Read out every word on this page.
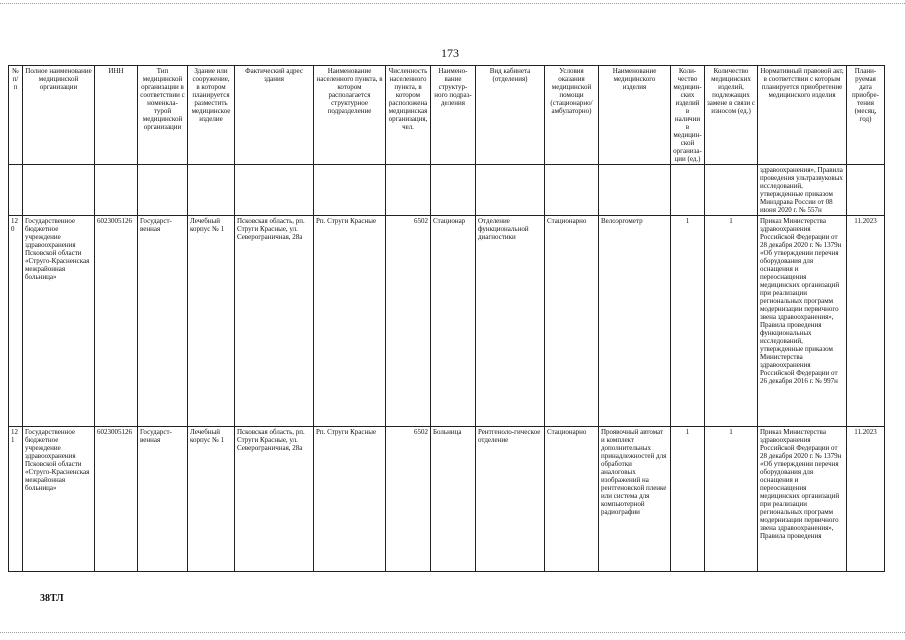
173
№ п/п	Полное наименование медицинской организации	ИНН	Тип медицинской организации в соответствии с номенкла-турой медицинской организации	Здание или сооружение, в котором планируется разместить медицинское изделие	Фактический адрес здания	Наименование населенного пункта, в котором располагается структурное подразделение	Численность населенного пункта, в котором расположена медицинская организация, чел.	Наимено-вание структур-ного подраз-деления	Вид кабинета (отделения)	Условия оказания медицинской помощи (стационарно/ амбулаторно)	Наименование медицинского изделия	Коли-чество медицин-ских изделий в наличии в медицин-ской организа-ции (ед.)	Количество медицинских изделий, подлежащих замене в связи с износом (ед.)	Нормативный правовой акт, в соответствии с которым планируется приобретение медицинского изделия	Плани-руемая дата приобре-тения (месяц, год)
														здравоохранения», Правила проведения ультразвуковых исследований, утвержденные приказом Минздрава России от 08 июня 2020 г. № 557н	
120	Государственное бюджетное учреждение здравоохранения Псковской области «Струго-Красненская межрайонная больница»	6023005126	Государст-венная	Лечебный корпус № 1	Псковская область, рп. Струги Красные, ул. Северограничная, 28а	Рп. Струги Красные	6502	Стационар	Отделение функциональной диагностики	Стационарно	Велоэргометр	1	1	Приказ Министерства здравоохранения Российской Федерации от 28 декабря 2020 г. № 1379н «Об утверждении перечня оборудования для оснащения и переоснащения медицинских организаций при реализации региональных программ модернизации первичного звена здравоохранения», Правила проведения функциональных исследований, утвержденные приказом Министерства здравоохранения Российской Федерации от 26 декабря 2016 г. № 997н	11.2023
121	Государственное бюджетное учреждение здравоохранения Псковской области «Струго-Красненская межрайонная больница»	6023005126	Государст-венная	Лечебный корпус № 1	Псковская область, рп. Струги Красные, ул. Северограничная, 28а	Рп. Струги Красные	6502	Больница	Рентгеноло-гическое отделение	Стационарно	Проявочный автомат и комплект дополнительных принадлежностей для обработки аналоговых изображений на рентгеновской пленке или система для компьютерной радиографии	1	1	Приказ Министерства здравоохранения Российской Федерации от 28 декабря 2020 г. № 1379н «Об утверждении перечня оборудования для оснащения и переоснащения медицинских организаций при реализации региональных программ модернизации первичного звена здравоохранения», Правила проведения	11.2023
38ТЛ
